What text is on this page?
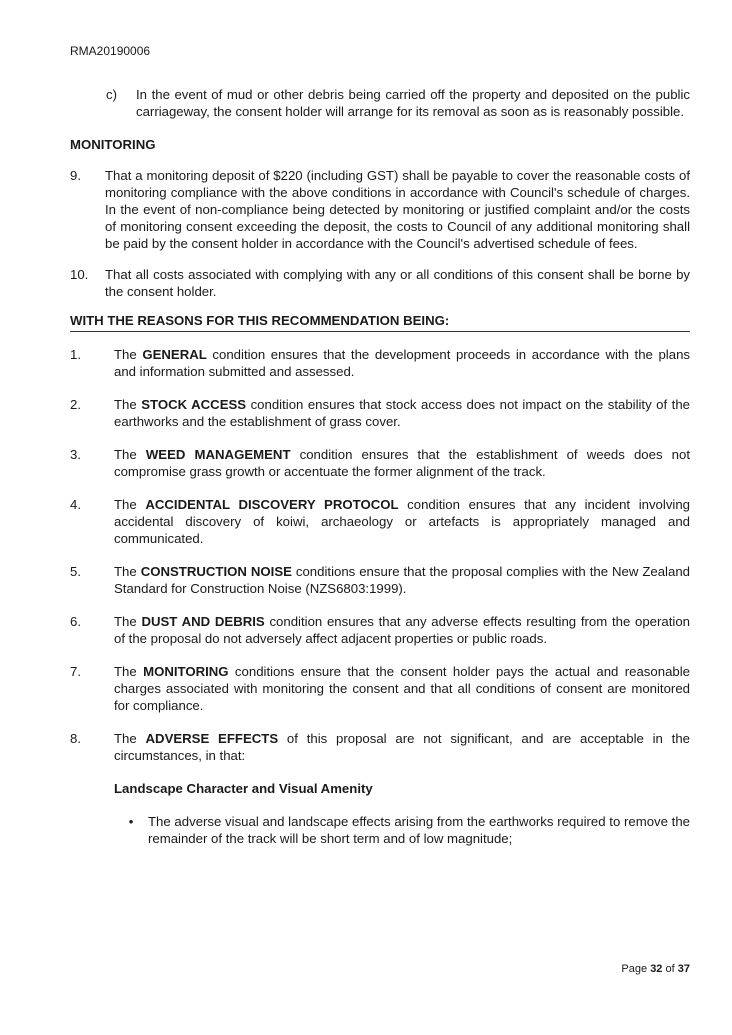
RMA20190006
c)	In the event of mud or other debris being carried off the property and deposited on the public carriageway, the consent holder will arrange for its removal as soon as is reasonably possible.
MONITORING
9.	That a monitoring deposit of $220 (including GST) shall be payable to cover the reasonable costs of monitoring compliance with the above conditions in accordance with Council's schedule of charges. In the event of non-compliance being detected by monitoring or justified complaint and/or the costs of monitoring consent exceeding the deposit, the costs to Council of any additional monitoring shall be paid by the consent holder in accordance with the Council's advertised schedule of fees.
10.	That all costs associated with complying with any or all conditions of this consent shall be borne by the consent holder.
WITH THE REASONS FOR THIS RECOMMENDATION BEING:
1.	The GENERAL condition ensures that the development proceeds in accordance with the plans and information submitted and assessed.
2.	The STOCK ACCESS condition ensures that stock access does not impact on the stability of the earthworks and the establishment of grass cover.
3.	The WEED MANAGEMENT condition ensures that the establishment of weeds does not compromise grass growth or accentuate the former alignment of the track.
4.	The ACCIDENTAL DISCOVERY PROTOCOL condition ensures that any incident involving accidental discovery of koiwi, archaeology or artefacts is appropriately managed and communicated.
5.	The CONSTRUCTION NOISE conditions ensure that the proposal complies with the New Zealand Standard for Construction Noise (NZS6803:1999).
6.	The DUST AND DEBRIS condition ensures that any adverse effects resulting from the operation of the proposal do not adversely affect adjacent properties or public roads.
7.	The MONITORING conditions ensure that the consent holder pays the actual and reasonable charges associated with monitoring the consent and that all conditions of consent are monitored for compliance.
8.	The ADVERSE EFFECTS of this proposal are not significant, and are acceptable in the circumstances, in that:
Landscape Character and Visual Amenity
•	The adverse visual and landscape effects arising from the earthworks required to remove the remainder of the track will be short term and of low magnitude;
Page 32 of 37
